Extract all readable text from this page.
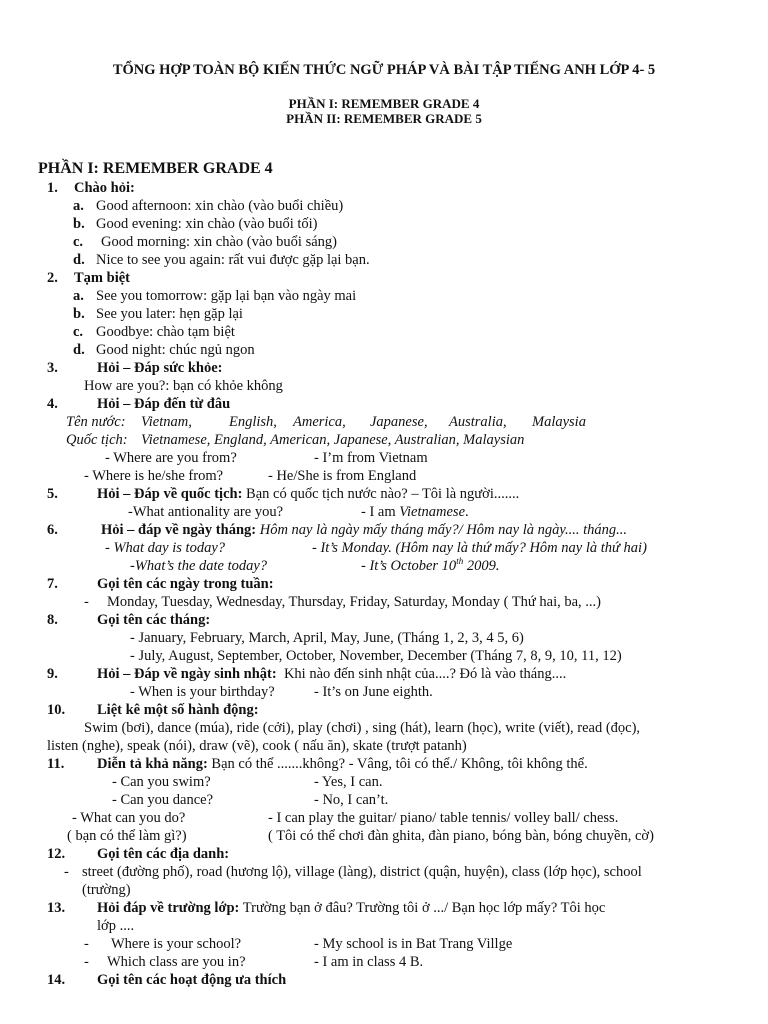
TỔNG HỢP TOÀN BỘ KIẾN THỨC NGỮ PHÁP VÀ BÀI TẬP TIẾNG ANH LỚP 4- 5
PHẦN I: REMEMBER GRADE 4
PHẦN II: REMEMBER GRADE 5
PHẦN I: REMEMBER GRADE 4
1. Chào hỏi:
a. Good afternoon: xin chào (vào buổi chiều)
b. Good evening: xin chào (vào buổi tối)
c. Good morning: xin chào (vào buổi sáng)
d. Nice to see you again: rất vui được gặp lại bạn.
2. Tạm biệt
a. See you tomorrow: gặp lại bạn vào ngày mai
b. See you later: hẹn gặp lại
c. Goodbye: chào tạm biệt
d. Good night: chúc ngủ ngon
3.	Hỏi – Đáp sức khỏe:
How are you?: bạn có khỏe không
4.	Hỏi – Đáp đến từ đâu
Tên nước: Vietnam,	English, America, Japanese, Australia, Malaysia
Quốc tịch: Vietnamese, England, American, Japanese, Australian, Malaysian
- Where are you from?	- I’m from Vietnam
- Where is he/she from?	- He/She is from England
5.	Hỏi – Đáp về quốc tịch: Bạn có quốc tịch nước nào? – Tôi là người.......
-What antionality are you?	- I am Vietnamese.
6.	Hỏi – đáp về ngày tháng: Hôm nay là ngày mấy tháng mấy?/ Hôm nay là ngày.... tháng...
- What day is today?	- It’s Monday. (Hôm nay là thứ mấy? Hôm nay là thứ hai)
-What’s the date today?	- It’s October 10th 2009.
7.	Gọi tên các ngày trong tuần:
- Monday, Tuesday, Wednesday, Thursday, Friday, Saturday, Monday ( Thứ hai, ba, ...)
8.	Gọi tên các tháng:
- January, February, March, April, May, June, (Tháng 1, 2, 3, 4 5, 6)
- July, August, September, October, November, December (Tháng 7, 8, 9, 10, 11, 12)
9.	Hỏi – Đáp về ngày sinh nhật: Khi nào đến sinh nhật của....? Đó là vào tháng....
- When is your birthday?	- It’s on June eighth.
10. Liệt kê một số hành động:
Swim (bơi), dance (múa), ride (cởi), play (chơi) , sing (hát), learn (học), write (viết), read (đọc),
listen (nghe), speak (nói), draw (vẽ), cook ( nấu ăn), skate (trượt patanh)
11. Diễn tả khả năng: Bạn có thể .......không? - Vâng, tôi có thể./ Không, tôi không thể.
- Can you swim?	- Yes, I can.
- Can you dance?	- No, I can’t.
- What can you do?	- I can play the guitar/ piano/ table tennis/ volley ball/ chess.
( bạn có thể làm gì?)	( Tôi có thể chơi đàn ghita, đàn piano, bóng bàn, bóng chuyền, cờ)
12. Gọi tên các địa danh:
- street (đường phố), road (hương lộ), village (làng), district (quận, huyện), class (lớp học), school
(trường)
13. Hỏi đáp về trường lớp: Trường bạn ở đâu? Trường tôi ở .../ Bạn học lớp mấy? Tôi học
lớp ....
- Where is your school?	- My school is in Bat Trang Villge
- Which class are you in?	- I am in class 4 B.
14. Gọi tên các hoạt động ưa thích
